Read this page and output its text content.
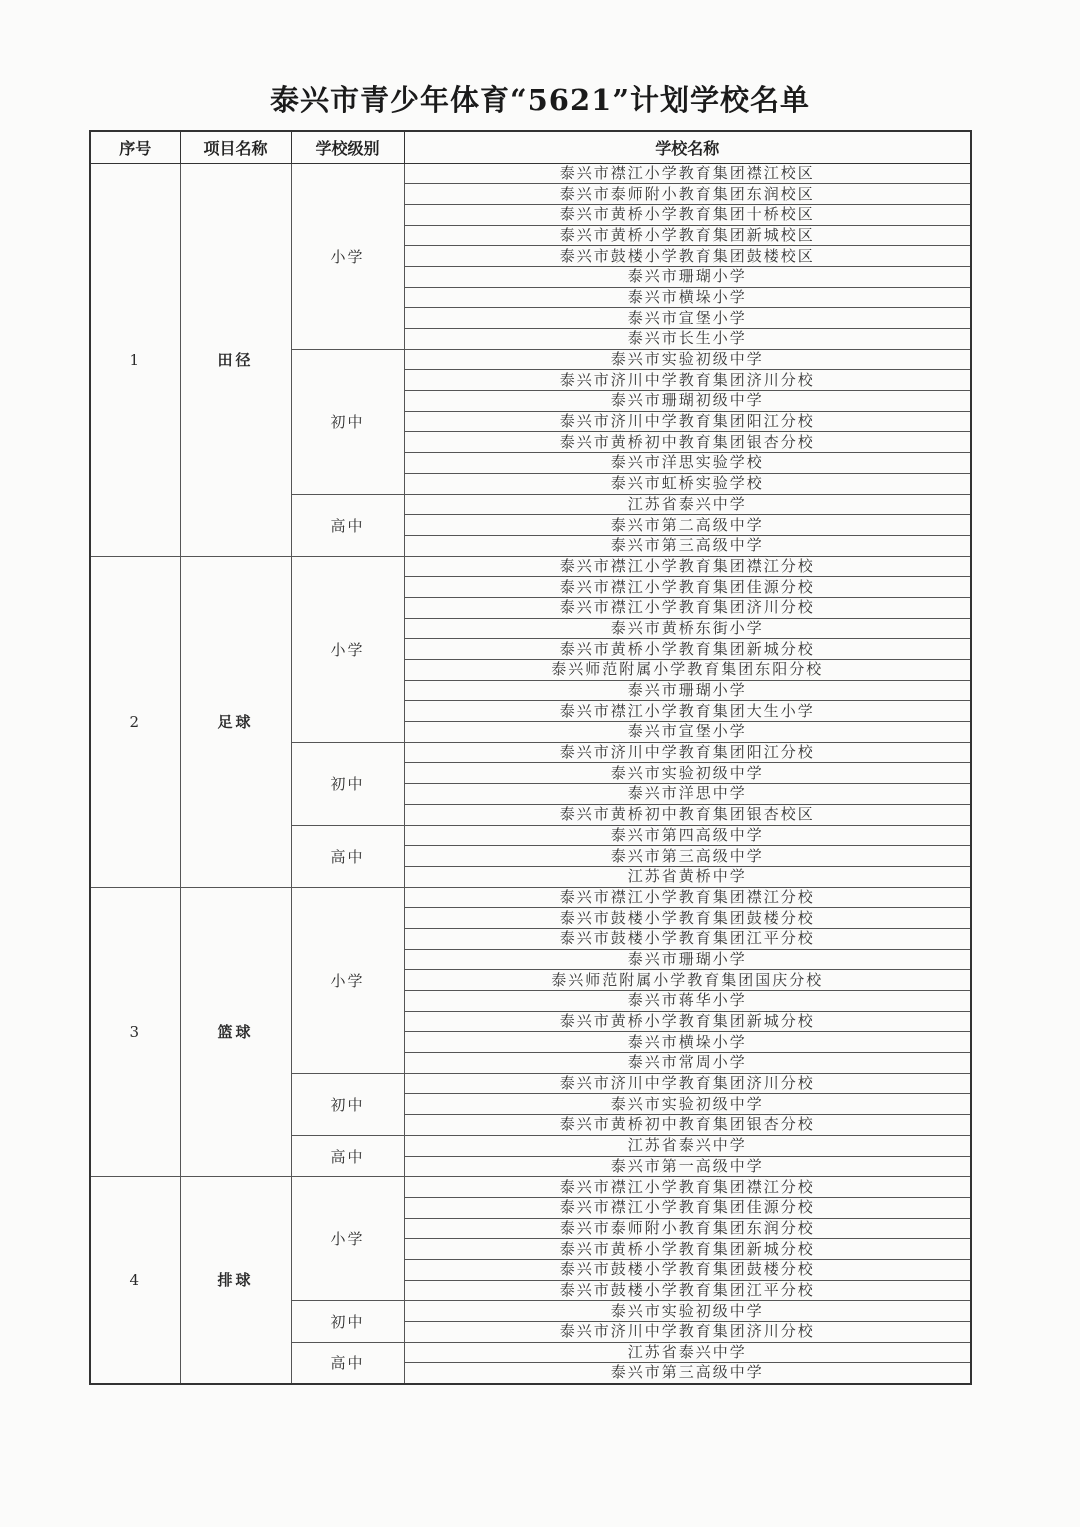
泰兴市青少年体育“5621”计划学校名单
序号	项目名称	学校级别	学校名称
1	田径	小学	泰兴市襟江小学教育集团襟江校区
			泰兴市泰师附小教育集团东润校区
			泰兴市黄桥小学教育集团十桥校区
			泰兴市黄桥小学教育集团新城校区
			泰兴市鼓楼小学教育集团鼓楼校区
			泰兴市珊瑚小学
			泰兴市横垛小学
			泰兴市宣堡小学
			泰兴市长生小学
		初中	泰兴市实验初级中学
			泰兴市济川中学教育集团济川分校
			泰兴市珊瑚初级中学
			泰兴市济川中学教育集团阳江分校
			泰兴市黄桥初中教育集团银杏分校
			泰兴市洋思实验学校
			泰兴市虹桥实验学校
		高中	江苏省泰兴中学
			泰兴市第二高级中学
			泰兴市第三高级中学
2	足球	小学	泰兴市襟江小学教育集团襟江分校
			泰兴市襟江小学教育集团佳源分校
			泰兴市襟江小学教育集团济川分校
			泰兴市黄桥东街小学
			泰兴市黄桥小学教育集团新城分校
			泰兴师范附属小学教育集团东阳分校
			泰兴市珊瑚小学
			泰兴市襟江小学教育集团大生小学
			泰兴市宣堡小学
		初中	泰兴市济川中学教育集团阳江分校
			泰兴市实验初级中学
			泰兴市洋思中学
			泰兴市黄桥初中教育集团银杏校区
		高中	泰兴市第四高级中学
			泰兴市第三高级中学
			江苏省黄桥中学
3	篮球	小学	泰兴市襟江小学教育集团襟江分校
			泰兴市鼓楼小学教育集团鼓楼分校
			泰兴市鼓楼小学教育集团江平分校
			泰兴市珊瑚小学
			泰兴师范附属小学教育集团国庆分校
			泰兴市蒋华小学
			泰兴市黄桥小学教育集团新城分校
			泰兴市横垛小学
			泰兴市常周小学
		初中	泰兴市济川中学教育集团济川分校
			泰兴市实验初级中学
			泰兴市黄桥初中教育集团银杏分校
		高中	江苏省泰兴中学
			泰兴市第一高级中学
4	排球	小学	泰兴市襟江小学教育集团襟江分校
			泰兴市襟江小学教育集团佳源分校
			泰兴市泰师附小教育集团东润分校
			泰兴市黄桥小学教育集团新城分校
			泰兴市鼓楼小学教育集团鼓楼分校
			泰兴市鼓楼小学教育集团江平分校
		初中	泰兴市实验初级中学
			泰兴市济川中学教育集团济川分校
		高中	江苏省泰兴中学
			泰兴市第三高级中学
